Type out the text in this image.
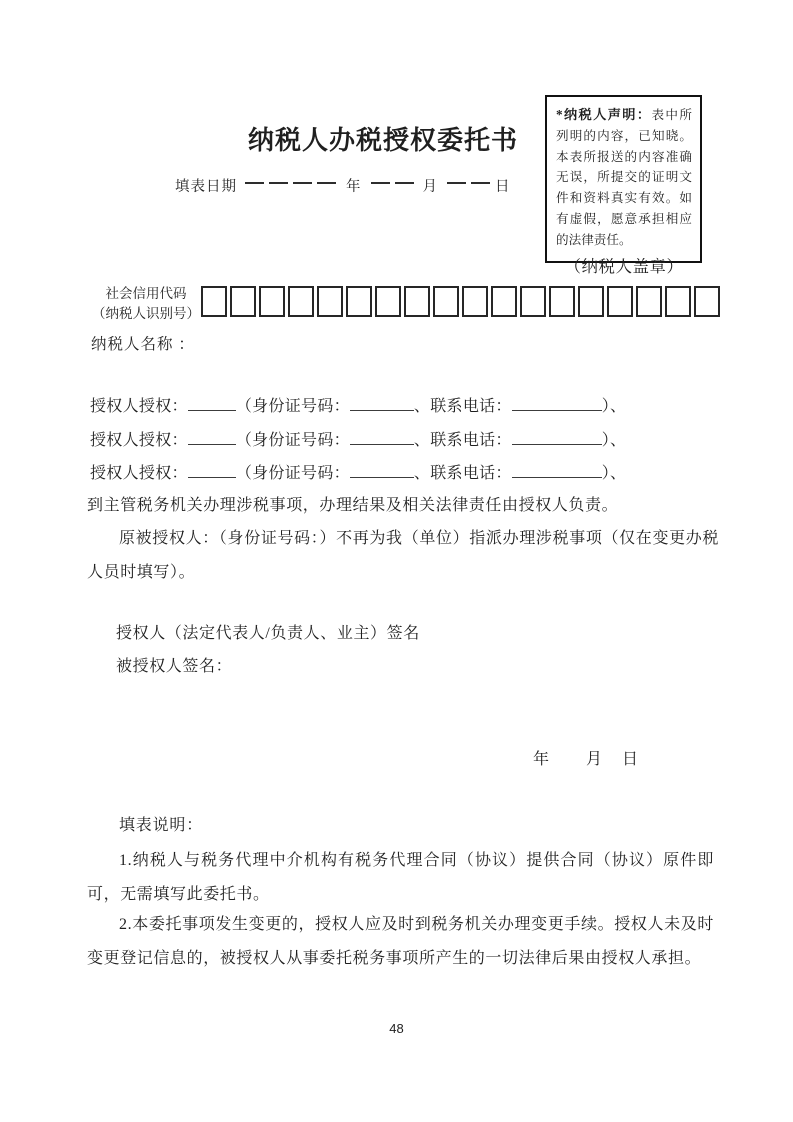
*纳税人声明：表中所列明的内容，已知晓。本表所报送的内容准确无误，所提交的证明文件和资料真实有效。如有虚假，愿意承担相应的法律责任。

（纳税人盖章）
纳税人办税授权委托书
填表日期	年	月	日
社会信用代码
（纳税人识别号）
纳税人名称 ：
授权人授权：	（身份证号码：	、联系电话：	）、
授权人授权：	（身份证号码：	、联系电话：	）、
授权人授权：	（身份证号码：	、联系电话：	）、

到主管税务机关办理涉税事项，办理结果及相关法律责任由授权人负责。

原被授权人：（身份证号码：）不再为我（单位）指派办理涉税事项（仅在变更办税人员时填写）。

授权人（法定代表人/负责人、业主）签名
被授权人签名：
年 月 日
填表说明：

1.纳税人与税务代理中介机构有税务代理合同（协议）提供合同（协议）原件即可，无需填写此委托书。

2.本委托事项发生变更的，授权人应及时到税务机关办理变更手续。授权人未及时变更登记信息的，被授权人从事委托税务事项所产生的一切法律后果由授权人承担。

48
